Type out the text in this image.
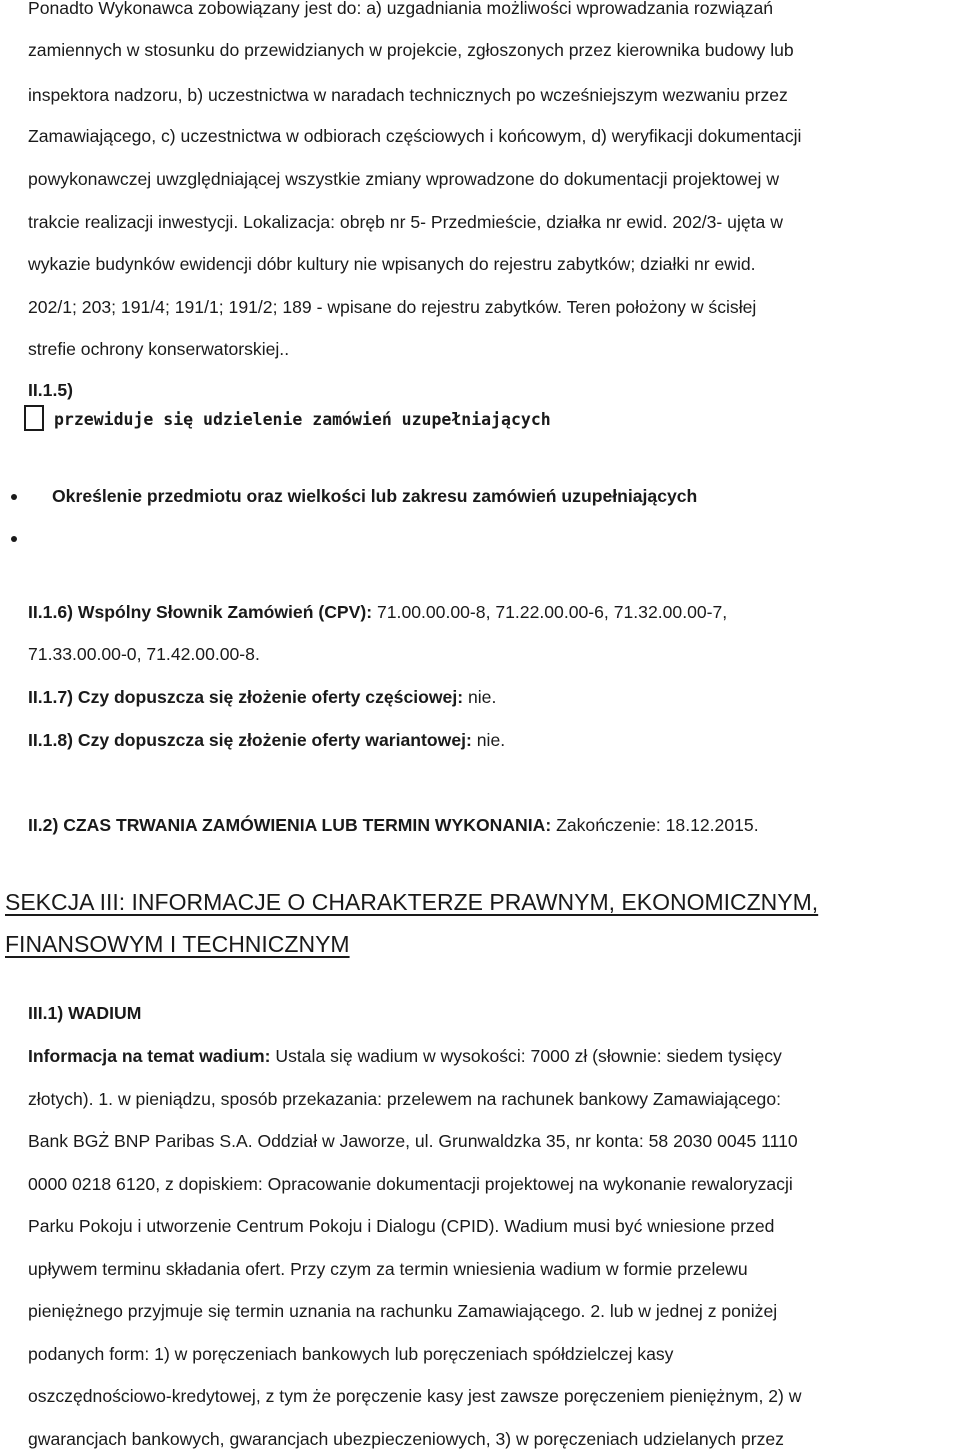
Ponadto Wykonawca zobowiązany jest do: a) uzgadniania możliwości wprowadzania rozwiązań
zamiennych w stosunku do przewidzianych w projekcie, zgłoszonych przez kierownika budowy lub
inspektora nadzoru, b) uczestnictwa w naradach technicznych po wcześniejszym wezwaniu przez
Zamawiającego, c) uczestnictwa w odbiorach częściowych i końcowym, d) weryfikacji dokumentacji
powykonawczej uwzględniającej wszystkie zmiany wprowadzone do dokumentacji projektowej w
trakcie realizacji inwestycji. Lokalizacja: obręb nr 5- Przedmieście, działka nr ewid. 202/3- ujęta w
wykazie budynków ewidencji dóbr kultury nie wpisanych do rejestru zabytków; działki nr ewid.
202/1; 203; 191/4; 191/1; 191/2; 189 - wpisane do rejestru zabytków. Teren położony w ścisłej
strefie ochrony konserwatorskiej..
II.1.5)
przewiduje się udzielenie zamówień uzupełniających
Określenie przedmiotu oraz wielkości lub zakresu zamówień uzupełniających
II.1.6) Wspólny Słownik Zamówień (CPV): 71.00.00.00-8, 71.22.00.00-6, 71.32.00.00-7,
71.33.00.00-0, 71.42.00.00-8.
II.1.7) Czy dopuszcza się złożenie oferty częściowej: nie.
II.1.8) Czy dopuszcza się złożenie oferty wariantowej: nie.
II.2) CZAS TRWANIA ZAMÓWIENIA LUB TERMIN WYKONANIA: Zakończenie: 18.12.2015.
SEKCJA III: INFORMACJE O CHARAKTERZE PRAWNYM, EKONOMICZNYM,
FINANSOWYM I TECHNICZNYM
III.1) WADIUM
Informacja na temat wadium: Ustala się wadium w wysokości: 7000 zł (słownie: siedem tysięcy
złotych). 1. w pieniądzu, sposób przekazania: przelewem na rachunek bankowy Zamawiającego:
Bank BGŻ BNP Paribas S.A. Oddział w Jaworze, ul. Grunwaldzka 35, nr konta: 58 2030 0045 1110
0000 0218 6120, z dopiskiem: Opracowanie dokumentacji projektowej na wykonanie rewaloryzacji
Parku Pokoju i utworzenie Centrum Pokoju i Dialogu (CPID). Wadium musi być wniesione przed
upływem terminu składania ofert. Przy czym za termin wniesienia wadium w formie przelewu
pieniężnego przyjmuje się termin uznania na rachunku Zamawiającego. 2. lub w jednej z poniżej
podanych form: 1) w poręczeniach bankowych lub poręczeniach spółdzielczej kasy
oszczędnościowo-kredytowej, z tym że poręczenie kasy jest zawsze poręczeniem pieniężnym, 2) w
gwarancjach bankowych, gwarancjach ubezpieczeniowych, 3) w poręczeniach udzielanych przez
